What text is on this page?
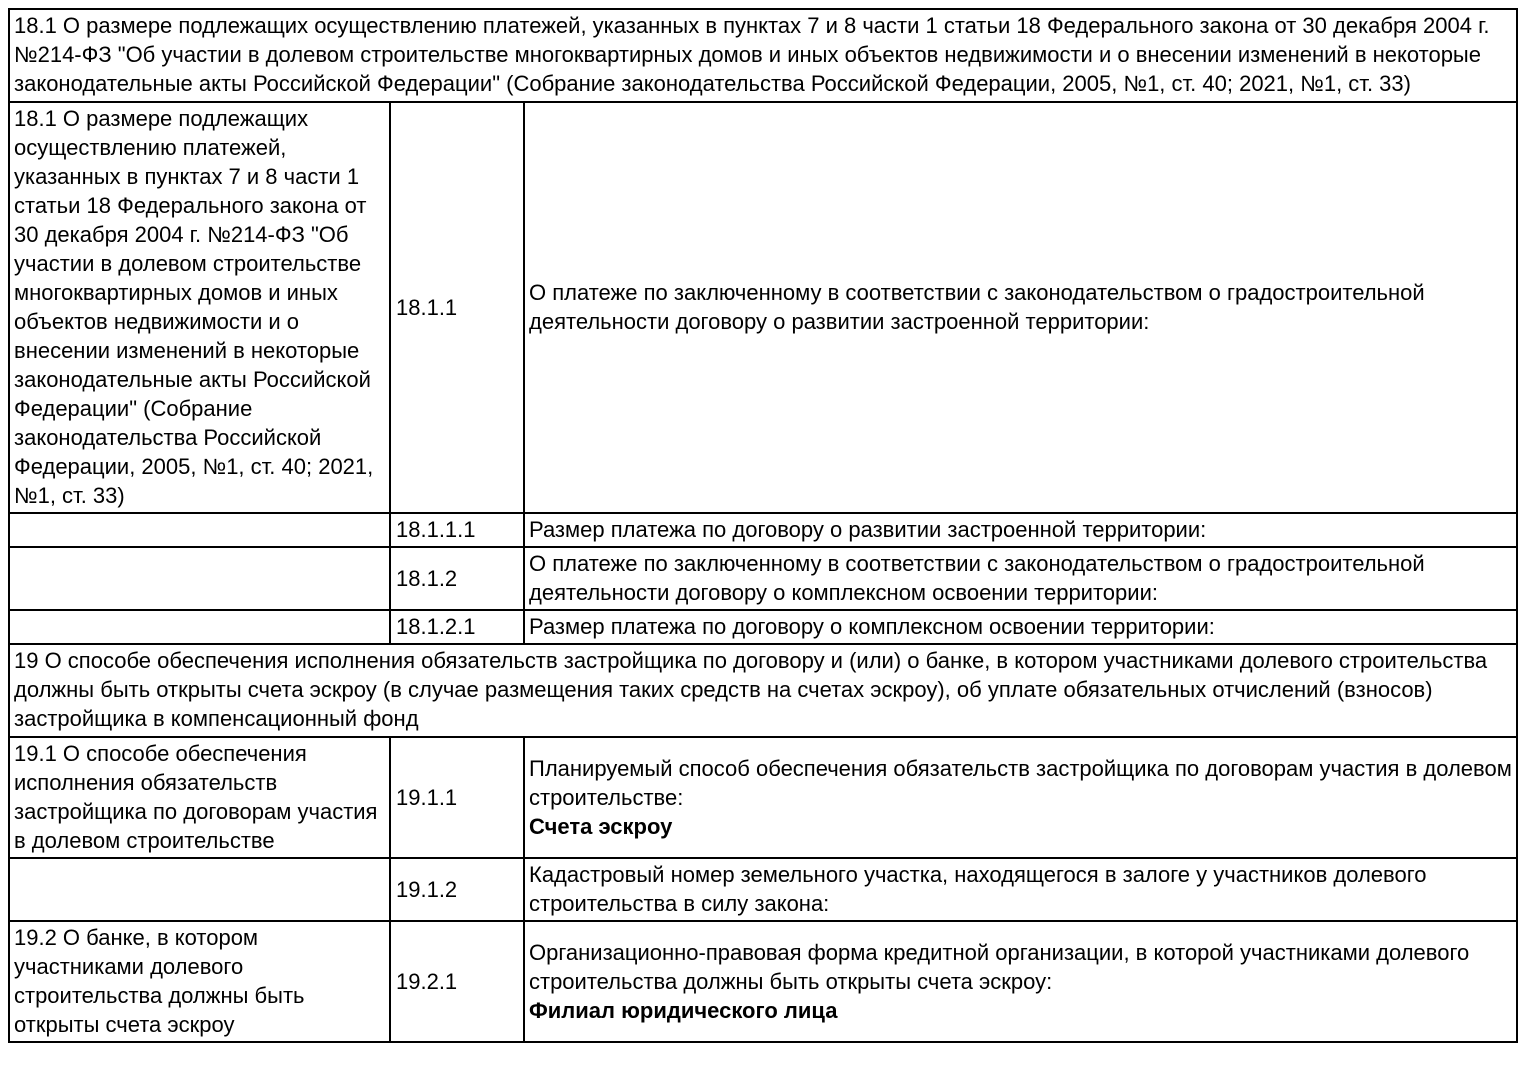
18.1 О размере подлежащих осуществлению платежей, указанных в пунктах 7 и 8 части 1 статьи 18 Федерального закона от 30 декабря 2004 г. №214-ФЗ "Об участии в долевом строительстве многоквартирных домов и иных объектов недвижимости и о внесении изменений в некоторые законодательные акты Российской Федерации" (Собрание законодательства Российской Федерации, 2005, №1, ст. 40; 2021, №1, ст. 33)		
18.1 О размере подлежащих осуществлению платежей, указанных в пунктах 7 и 8 части 1 статьи 18 Федерального закона от 30 декабря 2004 г. №214-ФЗ "Об участии в долевом строительстве многоквартирных домов и иных объектов недвижимости и о внесении изменений в некоторые законодательные акты Российской Федерации" (Собрание законодательства Российской Федерации, 2005, №1, ст. 40; 2021, №1, ст. 33)	18.1.1	О платеже по заключенному в соответствии с законодательством о градостроительной деятельности договору о развитии застроенной территории:

	18.1.1.1	Размер платежа по договору о развитии застроенной территории:

	18.1.2	О платеже по заключенному в соответствии с законодательством о градостроительной деятельности договору о комплексном освоении территории:

	18.1.2.1	Размер платежа по договору о комплексном освоении территории:

19 О способе обеспечения исполнения обязательств застройщика по договору и (или) о банке, в котором участниками долевого строительства должны быть открыты счета эскроу (в случае размещения таких средств на счетах эскроу), об уплате обязательных отчислений (взносов) застройщика в компенсационный фонд		
19.1 О способе обеспечения исполнения обязательств застройщика по договорам участия в долевом строительстве	19.1.1	Планируемый способ обеспечения обязательств застройщика по договорам участия в долевом строительстве:
Счета эскроу

	19.1.2	Кадастровый номер земельного участка, находящегося в залоге у участников долевого строительства в силу закона:

19.2 О банке, в котором участниками долевого строительства должны быть открыты счета эскроу	19.2.1	Организационно-правовая форма кредитной организации, в которой участниками долевого строительства должны быть открыты счета эскроу:
Филиал юридического лица
